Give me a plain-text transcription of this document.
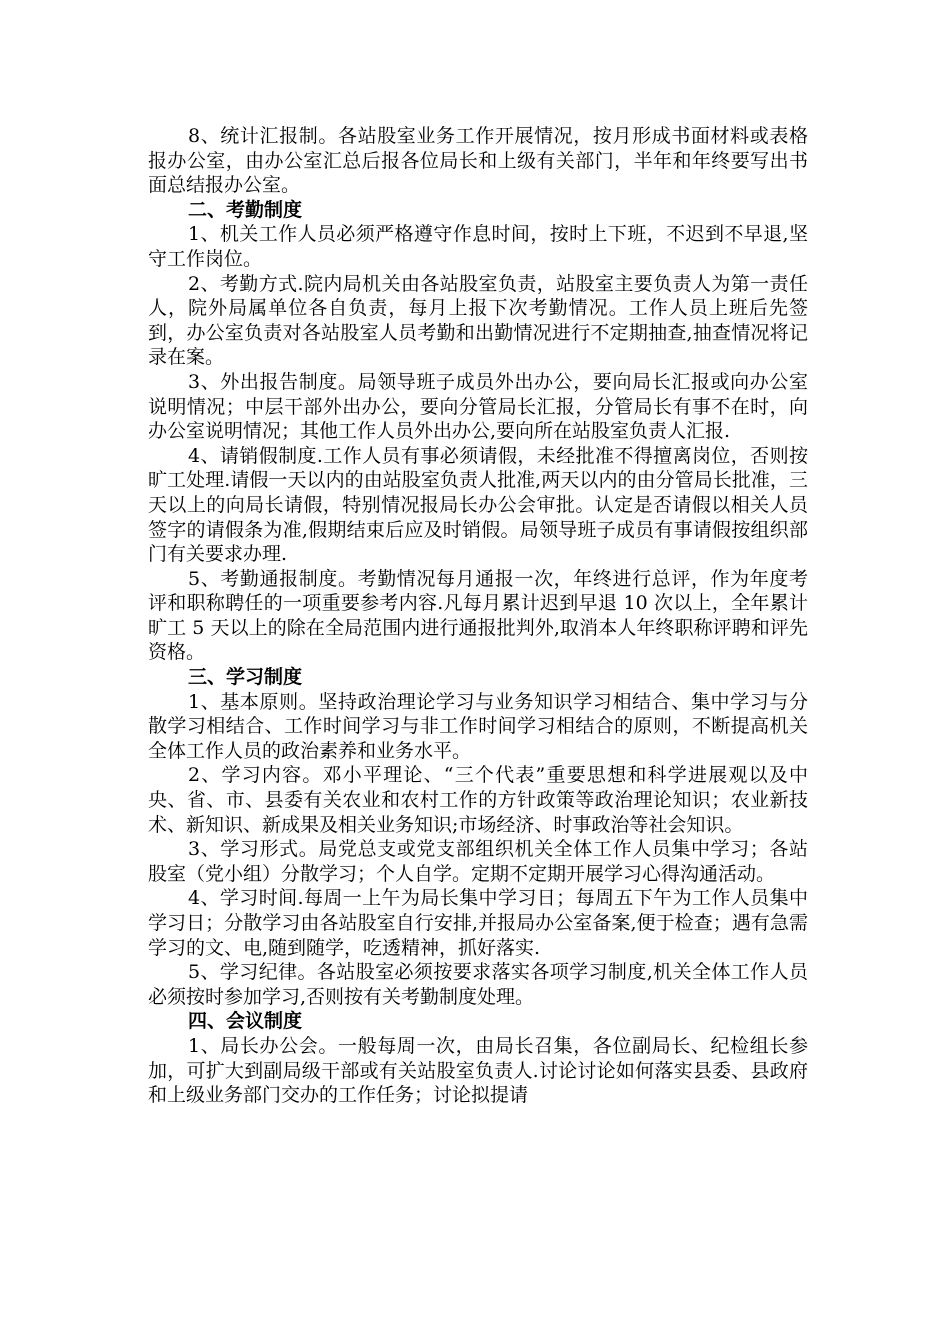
8、统计汇报制。各站股室业务工作开展情况，按月形成书面材料或表格报办公室，由办公室汇总后报各位局长和上级有关部门，半年和年终要写出书面总结报办公室。

二、考勤制度

1、机关工作人员必须严格遵守作息时间，按时上下班，不迟到不早退,坚守工作岗位。

2、考勤方式.院内局机关由各站股室负责，站股室主要负责人为第一责任人，院外局属单位各自负责，每月上报下次考勤情况。工作人员上班后先签到，办公室负责对各站股室人员考勤和出勤情况进行不定期抽查,抽查情况将记录在案。

3、外出报告制度。局领导班子成员外出办公，要向局长汇报或向办公室说明情况；中层干部外出办公，要向分管局长汇报，分管局长有事不在时，向办公室说明情况；其他工作人员外出办公,要向所在站股室负责人汇报.

4、请销假制度.工作人员有事必须请假，未经批准不得擅离岗位，否则按旷工处理.请假一天以内的由站股室负责人批准,两天以内的由分管局长批准，三天以上的向局长请假，特别情况报局长办公会审批。认定是否请假以相关人员签字的请假条为准,假期结束后应及时销假。局领导班子成员有事请假按组织部门有关要求办理.

5、考勤通报制度。考勤情况每月通报一次，年终进行总评，作为年度考评和职称聘任的一项重要参考内容.凡每月累计迟到早退 10 次以上，全年累计旷工 5 天以上的除在全局范围内进行通报批判外,取消本人年终职称评聘和评先资格。

三、学习制度

1、基本原则。坚持政治理论学习与业务知识学习相结合、集中学习与分散学习相结合、工作时间学习与非工作时间学习相结合的原则，不断提高机关全体工作人员的政治素养和业务水平。

2、学习内容。邓小平理论、“三个代表”重要思想和科学进展观以及中央、省、市、县委有关农业和农村工作的方针政策等政治理论知识；农业新技术、新知识、新成果及相关业务知识;市场经济、时事政治等社会知识。

3、学习形式。局党总支或党支部组织机关全体工作人员集中学习；各站股室（党小组）分散学习；个人自学。定期不定期开展学习心得沟通活动。

4、学习时间.每周一上午为局长集中学习日；每周五下午为工作人员集中学习日；分散学习由各站股室自行安排,并报局办公室备案,便于检查；遇有急需学习的文、电,随到随学，吃透精神，抓好落实.

5、学习纪律。各站股室必须按要求落实各项学习制度,机关全体工作人员必须按时参加学习,否则按有关考勤制度处理。

四、会议制度

1、局长办公会。一般每周一次，由局长召集，各位副局长、纪检组长参加，可扩大到副局级干部或有关站股室负责人.讨论讨论如何落实县委、县政府和上级业务部门交办的工作任务；讨论拟提请
